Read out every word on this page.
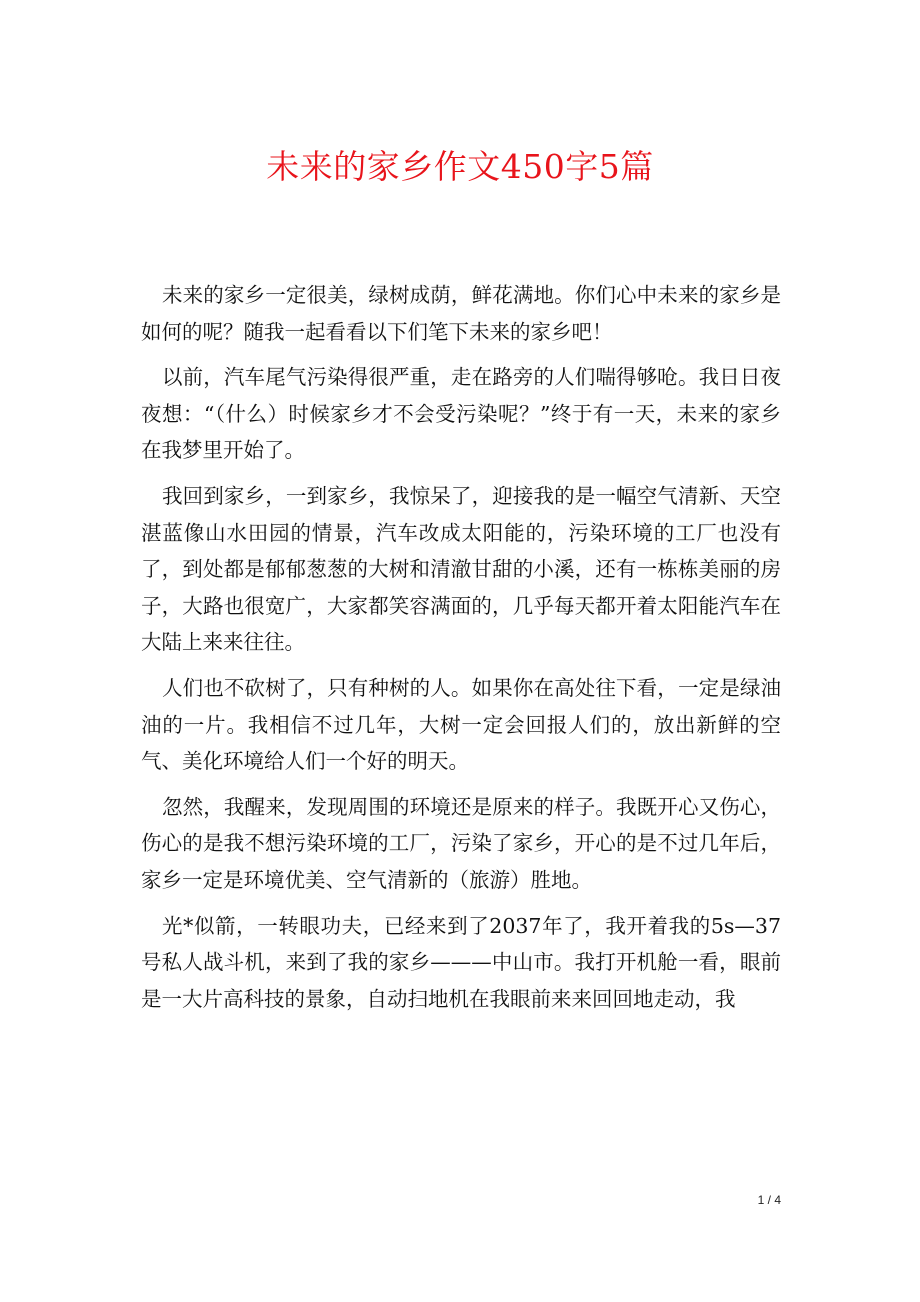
未来的家乡作文450字5篇

未来的家乡一定很美，绿树成荫，鲜花满地。你们心中未来的家乡是如何的呢？随我一起看看以下们笔下未来的家乡吧！

以前，汽车尾气污染得很严重，走在路旁的人们喘得够呛。我日日夜夜想：“（什么）时候家乡才不会受污染呢？”终于有一天，未来的家乡在我梦里开始了。

我回到家乡，一到家乡，我惊呆了，迎接我的是一幅空气清新、天空湛蓝像山水田园的情景，汽车改成太阳能的，污染环境的工厂也没有了，到处都是郁郁葱葱的大树和清澈甘甜的小溪，还有一栋栋美丽的房子，大路也很宽广，大家都笑容满面的，几乎每天都开着太阳能汽车在大陆上来来往往。

人们也不砍树了，只有种树的人。如果你在高处往下看，一定是绿油油的一片。我相信不过几年，大树一定会回报人们的，放出新鲜的空气、美化环境给人们一个好的明天。

忽然，我醒来，发现周围的环境还是原来的样子。我既开心又伤心，伤心的是我不想污染环境的工厂，污染了家乡，开心的是不过几年后，家乡一定是环境优美、空气清新的（旅游）胜地。

光*似箭，一转眼功夫，已经来到了2037年了，我开着我的5s—37号私人战斗机，来到了我的家乡———中山市。我打开机舱一看，眼前是一大片高科技的景象，自动扫地机在我眼前来来回回地走动，我

1 / 4
